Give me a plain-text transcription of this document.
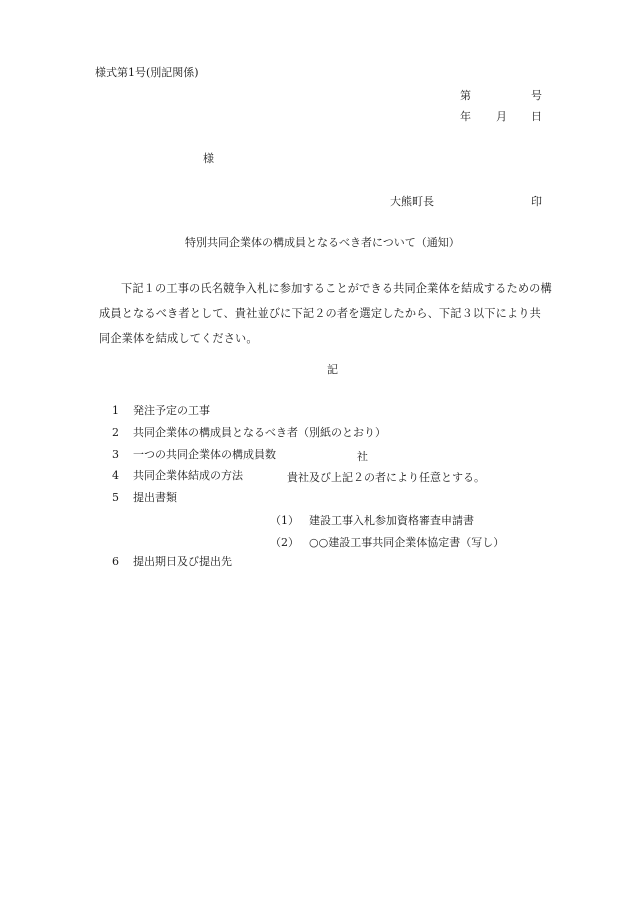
様式第1号(別記関係)
第	号
年 月 日
様
大熊町長	印
特別共同企業体の構成員となるべき者について（通知）
下記１の工事の氏名競争入札に参加することができる共同企業体を結成するための構
成員となるべき者として、貴社並びに下記２の者を選定したから、下記３以下により共
同企業体を結成してください。
記
1 発注予定の工事
2 共同企業体の構成員となるべき者（別紙のとおり）
3 一つの共同企業体の構成員数	社
4 共同企業体結成の方法	貴社及び上記２の者により任意とする。
5 提出書類
（1） 建設工事入札参加資格審査申請書
（2） ○○建設工事共同企業体協定書（写し）
6 提出期日及び提出先
